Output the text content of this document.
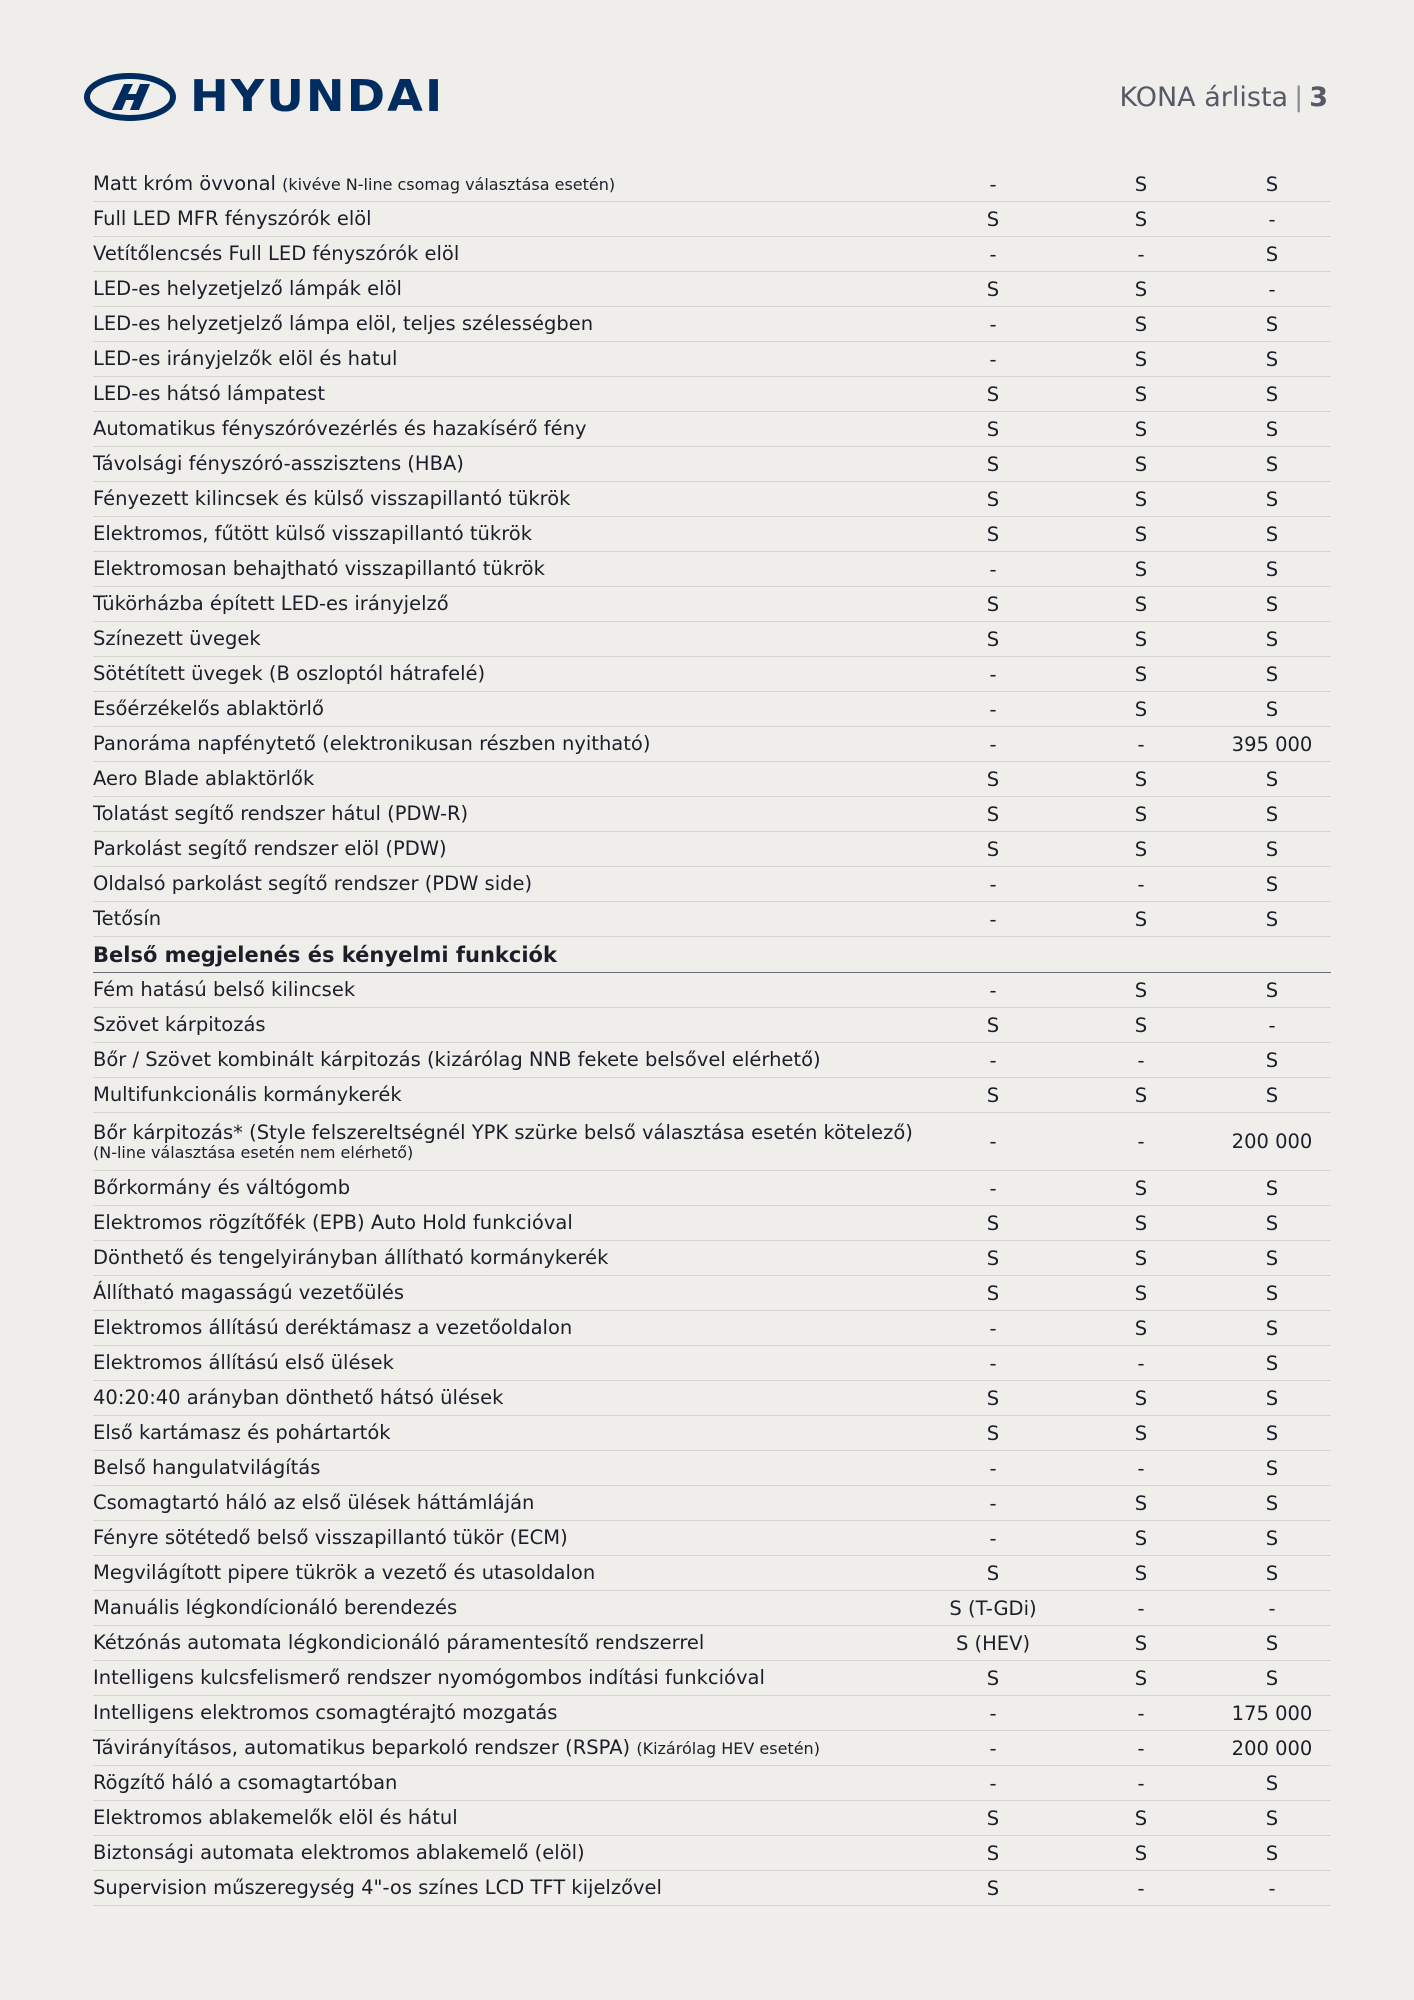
HYUNDAI	KONA árlista | 3
Matt króm övvonal (kivéve N-line csomag választása esetén)	-	S	S
Full LED MFR fényszórók elöl	S	S	-
Vetítőlencsés Full LED fényszórók elöl	-	-	S
LED-es helyzetjelző lámpák elöl	S	S	-
LED-es helyzetjelző lámpa elöl, teljes szélességben	-	S	S
LED-es irányjelzők elöl és hatul	-	S	S
LED-es hátsó lámpatest	S	S	S
Automatikus fényszóróvezérlés és hazakísérő fény	S	S	S
Távolsági fényszóró-asszisztens (HBA)	S	S	S
Fényezett kilincsek és külső visszapillantó tükrök	S	S	S
Elektromos, fűtött külső visszapillantó tükrök	S	S	S
Elektromosan behajtható visszapillantó tükrök	-	S	S
Tükörházba épített LED-es irányjelző	S	S	S
Színezett üvegek	S	S	S
Sötétített üvegek (B oszloptól hátrafelé)	-	S	S
Esőérzékelős ablaktörlő	-	S	S
Panoráma napfénytető (elektronikusan részben nyitható)	-	-	395 000
Aero Blade ablaktörlők	S	S	S
Tolatást segítő rendszer hátul (PDW-R)	S	S	S
Parkolást segítő rendszer elöl (PDW)	S	S	S
Oldalsó parkolást segítő rendszer (PDW side)	-	-	S
Tetősín	-	S	S
Belső megjelenés és kényelmi funkciók
Fém hatású belső kilincsek	-	S	S
Szövet kárpitozás	S	S	-
Bőr / Szövet kombinált kárpitozás (kizárólag NNB fekete belsővel elérhető)	-	-	S
Multifunkcionális kormánykerék	S	S	S
Bőr kárpitozás* (Style felszereltségnél YPK szürke belső választása esetén kötelező)
(N-line választása esetén nem elérhető)	-	-	200 000
Bőrkormány és váltógomb	-	S	S
Elektromos rögzítőfék (EPB) Auto Hold funkcióval	S	S	S
Dönthető és tengelyirányban állítható kormánykerék	S	S	S
Állítható magasságú vezetőülés	S	S	S
Elektromos állítású deréktámasz a vezetőoldalon	-	S	S
Elektromos állítású első ülések	-	-	S
40:20:40 arányban dönthető hátsó ülések	S	S	S
Első kartámasz és pohártartók	S	S	S
Belső hangulatvilágítás	-	-	S
Csomagtartó háló az első ülések háttámláján	-	S	S
Fényre sötétedő belső visszapillantó tükör (ECM)	-	S	S
Megvilágított pipere tükrök a vezető és utasoldalon	S	S	S
Manuális légkondícionáló berendezés	S (T-GDi)	-	-
Kétzónás automata légkondicionáló páramentesítő rendszerrel	S (HEV)	S	S
Intelligens kulcsfelismerő rendszer nyomógombos indítási funkcióval	S	S	S
Intelligens elektromos csomagtérajtó mozgatás	-	-	175 000
Távirányításos, automatikus beparkoló rendszer (RSPA) (Kizárólag HEV esetén)	-	-	200 000
Rögzítő háló a csomagtartóban	-	-	S
Elektromos ablakemelők elöl és hátul	S	S	S
Biztonsági automata elektromos ablakemelő (elöl)	S	S	S
Supervision műszeregység 4"-os színes LCD TFT kijelzővel	S	-	-
